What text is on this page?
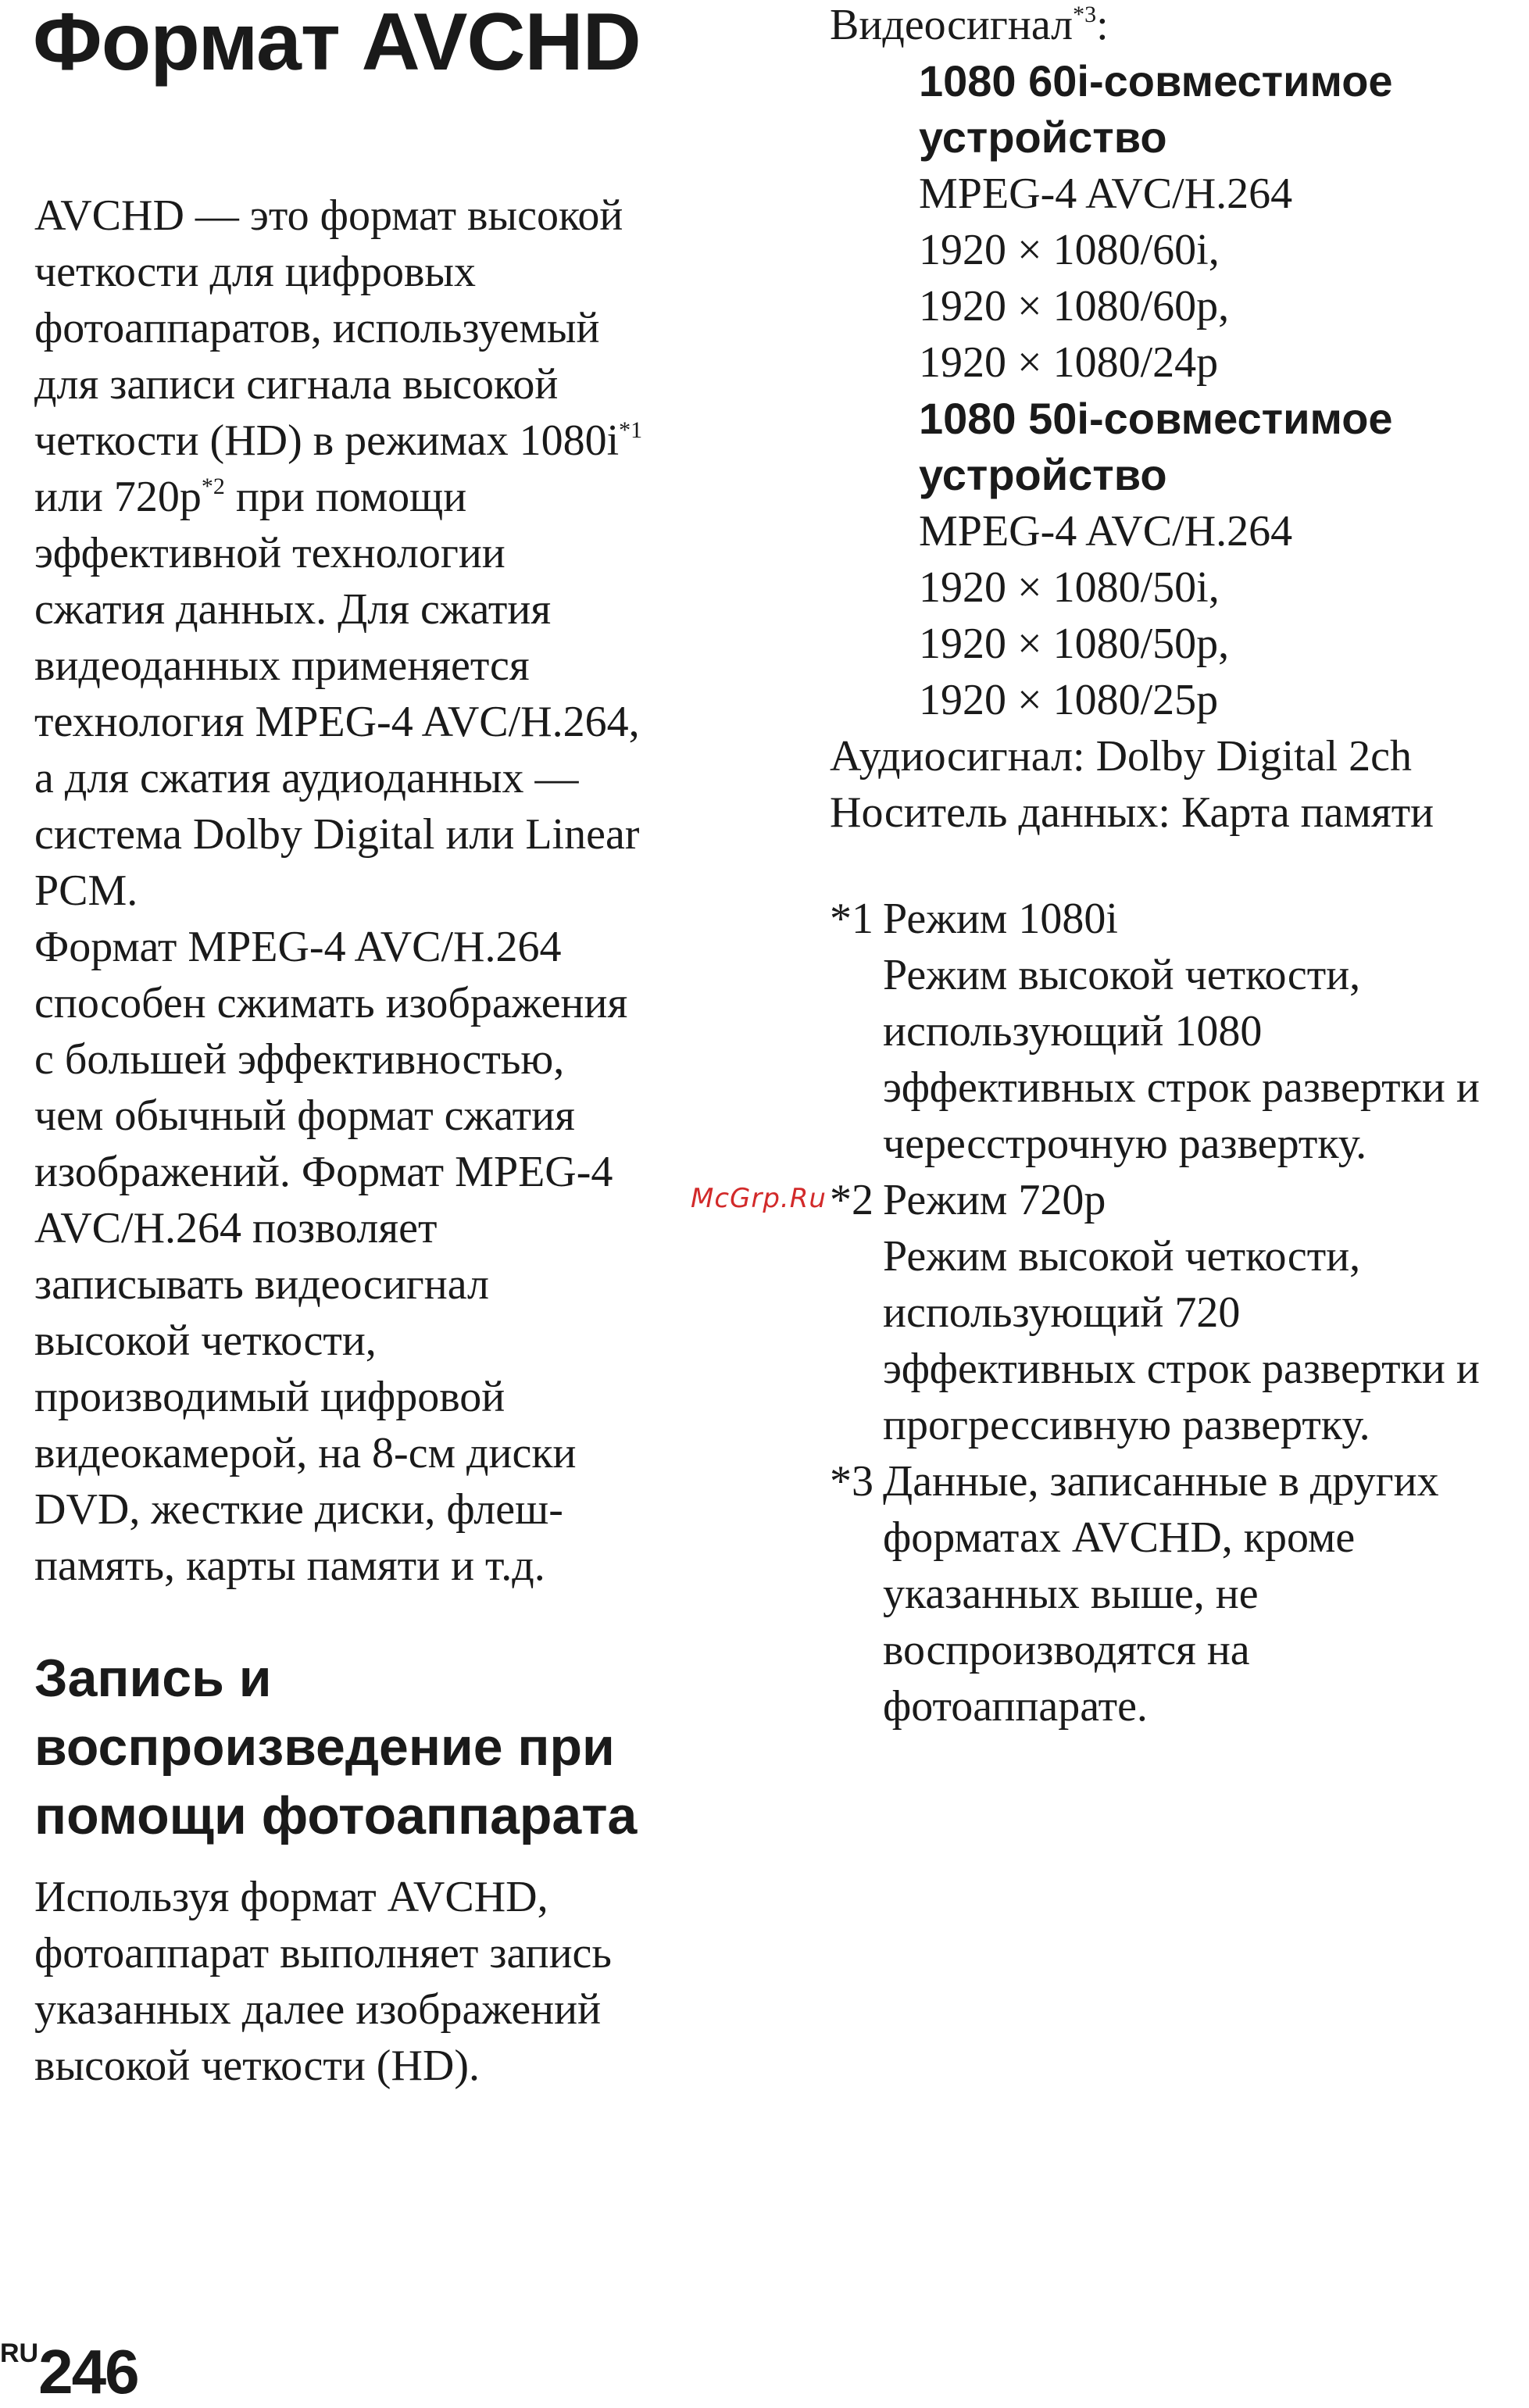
Формат AVCHD

AVCHD — это формат высокой

четкости для цифровых

фотоаппаратов, используемый

для записи сигнала высокой

четкости (HD) в режимах $1080i^{*1}$

или $720p^{*2}$ при помощи

эффективной технологии

сжатия данных. Для сжатия

видеоданных применяется

технология MPEG-4 AVC/H.264,

а для сжатия аудиоданных —

система Dolby Digital или Linear

PCM.

Формат MPEG-4 AVC/H.264

способен сжимать изображения

с большей эффективностью,

чем обычный формат сжатия

изображений. Формат MPEG-4

AVC/H.264 позволяет

записывать видеосигнал

высокой четкости,

производимый цифровой

видеокамерой, на 8-см диски

DVD, жесткие диски, флеш-

память, карты памяти и т.д.

Запись и
воспроизведение при
помощи фотоаппарата

Используя формат AVCHD,

фотоаппарат выполняет запись

указанных далее изображений

высокой четкости (HD).

Видеосигнал$^{*3}$:

1080 60i-совместимое

устройство

MPEG-4 AVC/H.264

1920 × 1080/60i,

1920 × 1080/60p,

1920 × 1080/24p

1080 50i-совместимое

устройство

MPEG-4 AVC/H.264

1920 × 1080/50i,

1920 × 1080/50p,

1920 × 1080/25p

Аудиосигнал: Dolby Digital 2ch

Носитель данных: Карта памяти

*1 Режим 1080i
Режим высокой четкости,
использующий 1080
эффективных строк развертки и
чересстрочную развертку.
*2 Режим 720p
Режим высокой четкости,
использующий 720
эффективных строк развертки и
прогрессивную развертку.
*3 Данные, записанные в других
форматах AVCHD, кроме
указанных выше, не
воспроизводятся на
фотоаппарате.
McGrp.Ru
RU246
